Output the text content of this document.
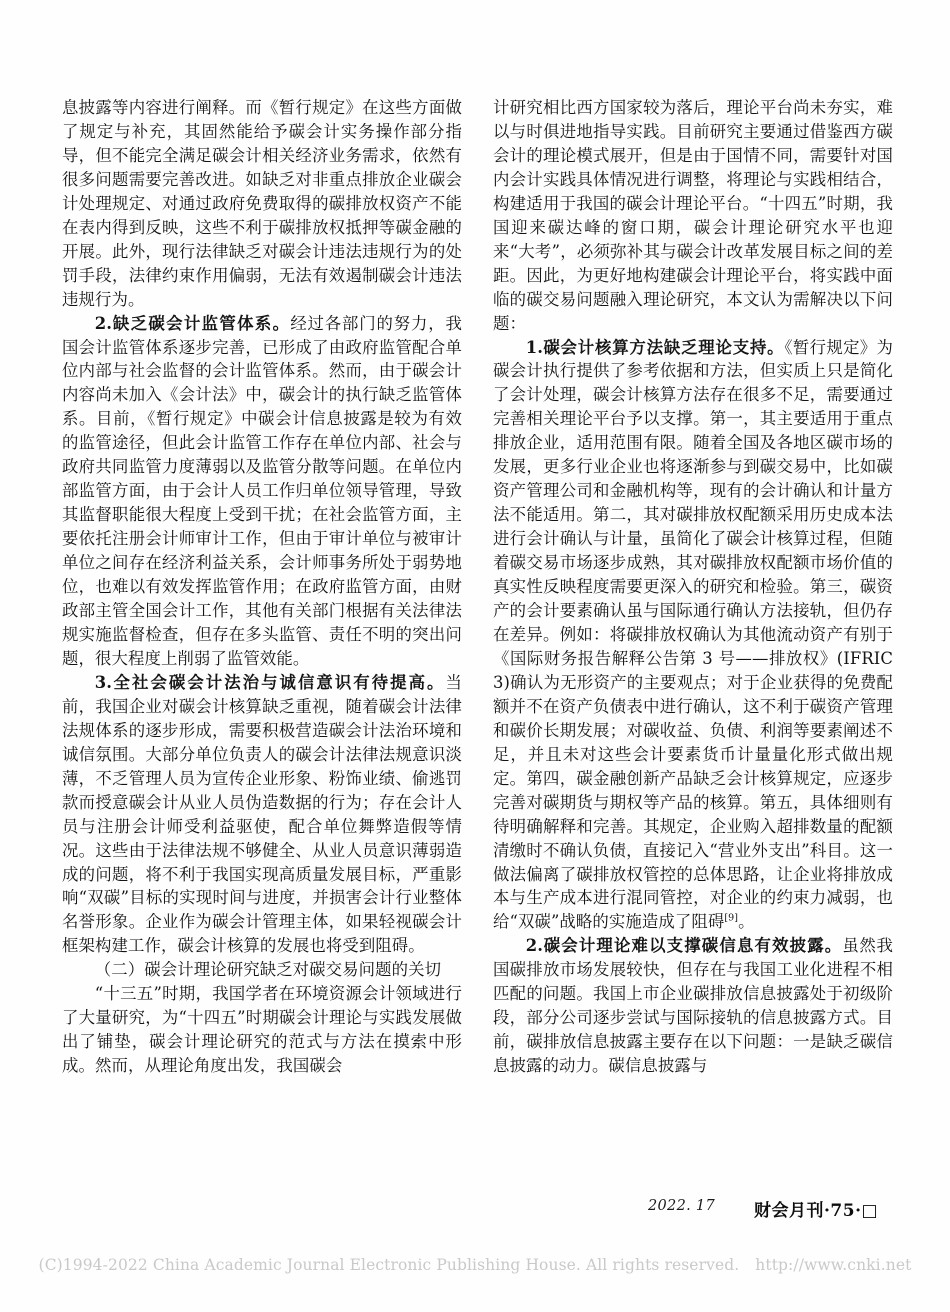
息披露等内容进行阐释。而《暂行规定》在这些方面做了规定与补充，其固然能给予碳会计实务操作部分指导，但不能完全满足碳会计相关经济业务需求，依然有很多问题需要完善改进。如缺乏对非重点排放企业碳会计处理规定、对通过政府免费取得的碳排放权资产不能在表内得到反映，这些不利于碳排放权抵押等碳金融的开展。此外，现行法律缺乏对碳会计违法违规行为的处罚手段，法律约束作用偏弱，无法有效遏制碳会计违法违规行为。

2.缺乏碳会计监管体系。经过各部门的努力，我国会计监管体系逐步完善，已形成了由政府监管配合单位内部与社会监督的会计监管体系。然而，由于碳会计内容尚未加入《会计法》中，碳会计的执行缺乏监管体系。目前，《暂行规定》中碳会计信息披露是较为有效的监管途径，但此会计监管工作存在单位内部、社会与政府共同监管力度薄弱以及监管分散等问题。在单位内部监管方面，由于会计人员工作归单位领导管理，导致其监督职能很大程度上受到干扰；在社会监管方面，主要依托注册会计师审计工作，但由于审计单位与被审计单位之间存在经济利益关系，会计师事务所处于弱势地位，也难以有效发挥监管作用；在政府监管方面，由财政部主管全国会计工作，其他有关部门根据有关法律法规实施监督检查，但存在多头监管、责任不明的突出问题，很大程度上削弱了监管效能。

3.全社会碳会计法治与诚信意识有待提高。当前，我国企业对碳会计核算缺乏重视，随着碳会计法律法规体系的逐步形成，需要积极营造碳会计法治环境和诚信氛围。大部分单位负责人的碳会计法律法规意识淡薄，不乏管理人员为宣传企业形象、粉饰业绩、偷逃罚款而授意碳会计从业人员伪造数据的行为；存在会计人员与注册会计师受利益驱使，配合单位舞弊造假等情况。这些由于法律法规不够健全、从业人员意识薄弱造成的问题，将不利于我国实现高质量发展目标，严重影响“双碳”目标的实现时间与进度，并损害会计行业整体名誉形象。企业作为碳会计管理主体，如果轻视碳会计框架构建工作，碳会计核算的发展也将受到阻碍。

（二）碳会计理论研究缺乏对碳交易问题的关切

“十三五”时期，我国学者在环境资源会计领域进行了大量研究，为“十四五”时期碳会计理论与实践发展做出了铺垫，碳会计理论研究的范式与方法在摸索中形成。然而，从理论角度出发，我国碳会

计研究相比西方国家较为落后，理论平台尚未夯实，难以与时俱进地指导实践。目前研究主要通过借鉴西方碳会计的理论模式展开，但是由于国情不同，需要针对国内会计实践具体情况进行调整，将理论与实践相结合，构建适用于我国的碳会计理论平台。“十四五”时期，我国迎来碳达峰的窗口期，碳会计理论研究水平也迎来“大考”，必须弥补其与碳会计改革发展目标之间的差距。因此，为更好地构建碳会计理论平台，将实践中面临的碳交易问题融入理论研究，本文认为需解决以下问题：

1.碳会计核算方法缺乏理论支持。《暂行规定》为碳会计执行提供了参考依据和方法，但实质上只是简化了会计处理，碳会计核算方法存在很多不足，需要通过完善相关理论平台予以支撑。第一，其主要适用于重点排放企业，适用范围有限。随着全国及各地区碳市场的发展，更多行业企业也将逐渐参与到碳交易中，比如碳资产管理公司和金融机构等，现有的会计确认和计量方法不能适用。第二，其对碳排放权配额采用历史成本法进行会计确认与计量，虽简化了碳会计核算过程，但随着碳交易市场逐步成熟，其对碳排放权配额市场价值的真实性反映程度需要更深入的研究和检验。第三，碳资产的会计要素确认虽与国际通行确认方法接轨，但仍存在差异。例如：将碳排放权确认为其他流动资产有别于《国际财务报告解释公告第 3 号——排放权》(IFRIC 3)确认为无形资产的主要观点；对于企业获得的免费配额并不在资产负债表中进行确认，这不利于碳资产管理和碳价长期发展；对碳收益、负债、利润等要素阐述不足，并且未对这些会计要素货币计量量化形式做出规定。第四，碳金融创新产品缺乏会计核算规定，应逐步完善对碳期货与期权等产品的核算。第五，具体细则有待明确解释和完善。其规定，企业购入超排数量的配额清缴时不确认负债，直接记入“营业外支出”科目。这一做法偏离了碳排放权管控的总体思路，让企业将排放成本与生产成本进行混同管控，对企业的约束力减弱，也给“双碳”战略的实施造成了阻碍[9]。

2.碳会计理论难以支撑碳信息有效披露。虽然我国碳排放市场发展较快，但存在与我国工业化进程不相匹配的问题。我国上市企业碳排放信息披露处于初级阶段，部分公司逐步尝试与国际接轨的信息披露方式。目前，碳排放信息披露主要存在以下问题：一是缺乏碳信息披露的动力。碳信息披露与

2022. 17 财会月刊·75·□
(C)1994-2022 China Academic Journal Electronic Publishing House. All rights reserved. http://www.cnki.net
